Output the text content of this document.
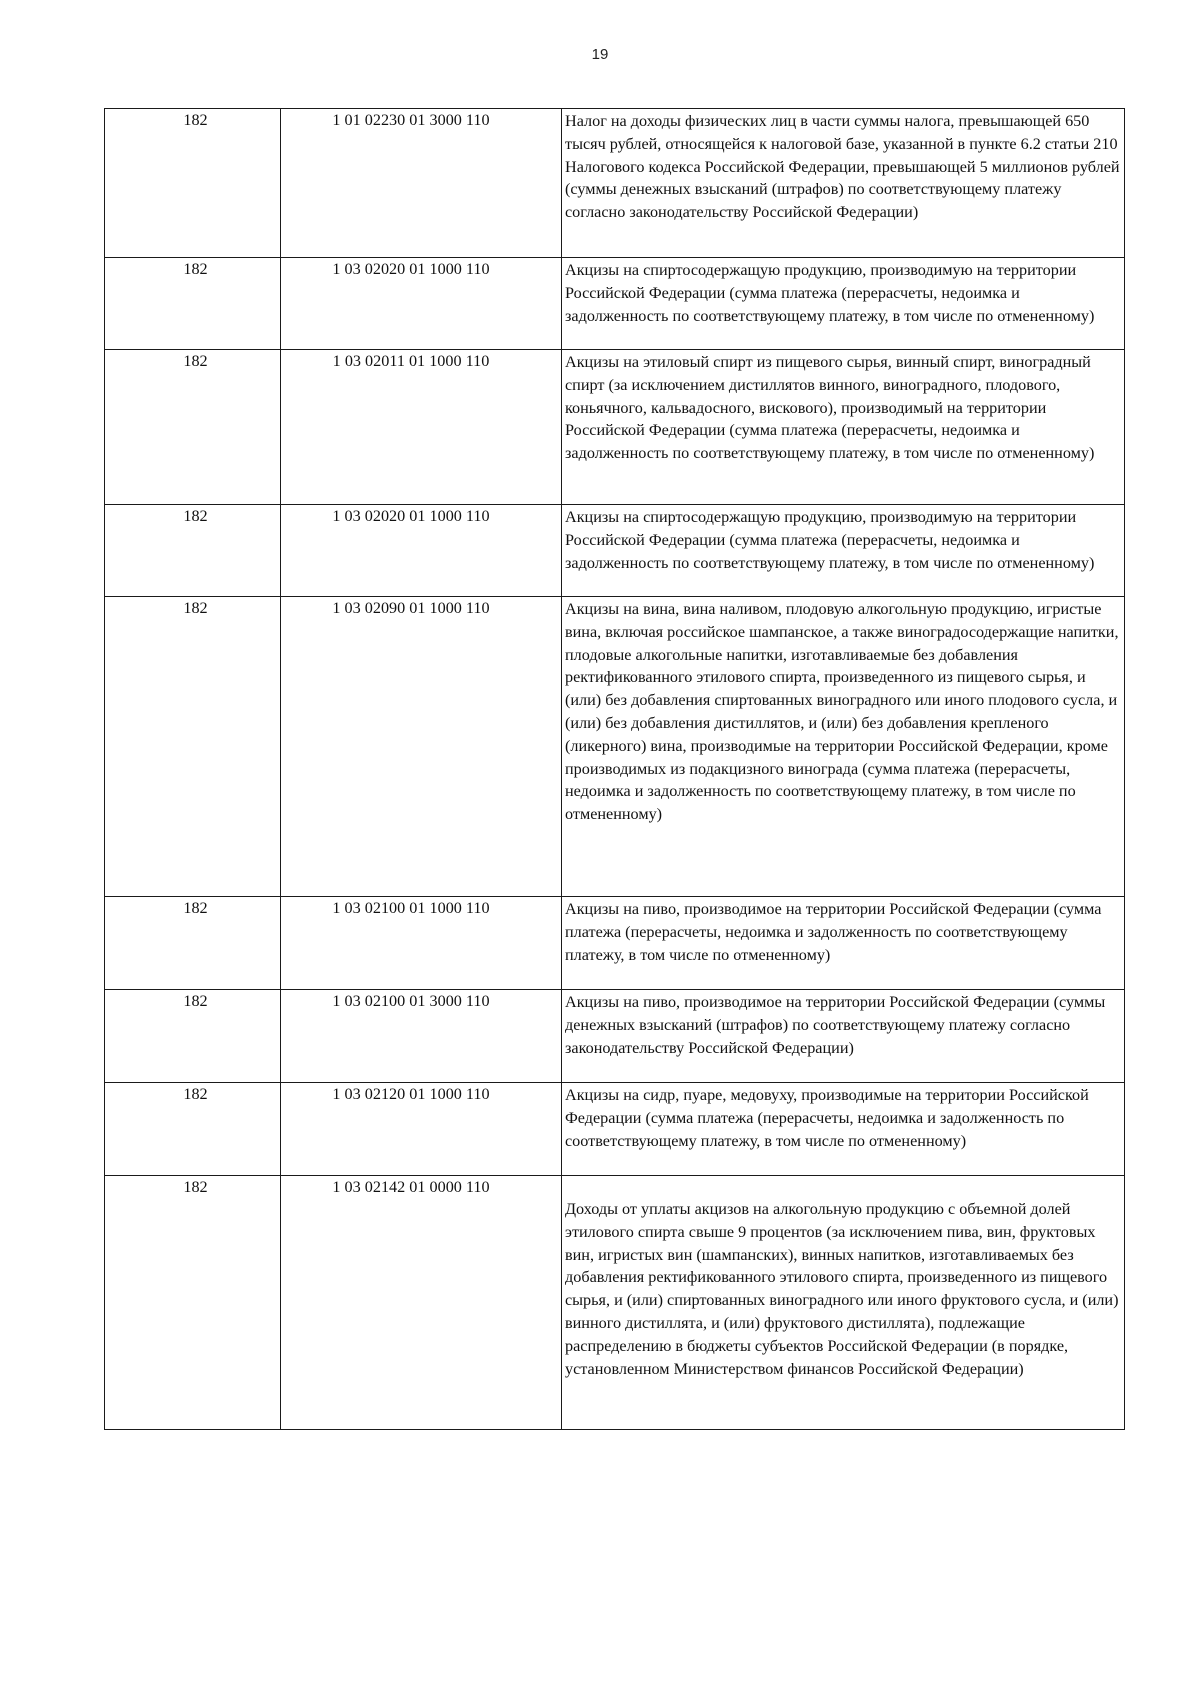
19
182	1 01 02230 01 3000 110	Налог на доходы физических лиц в части суммы налога, превышающей 650 тысяч рублей, относящейся к налоговой базе, указанной в пункте 6.2 статьи 210 Налогового кодекса Российской Федерации, превышающей 5 миллионов рублей (суммы денежных взысканий (штрафов) по соответствующему платежу согласно законодательству Российской Федерации)

182	1 03 02020 01 1000 110	Акцизы на спиртосодержащую продукцию, производимую на территории Российской Федерации (сумма платежа (перерасчеты, недоимка и задолженность по соответствующему платежу, в том числе по отмененному)

182	1 03 02011 01 1000 110	Акцизы на этиловый спирт из пищевого сырья, винный спирт, виноградный спирт (за исключением дистиллятов винного, виноградного, плодового, коньячного, кальвадосного, вискового), производимый на территории Российской Федерации (сумма платежа (перерасчеты, недоимка и задолженность по соответствующему платежу, в том числе по отмененному)

182	1 03 02020 01 1000 110	Акцизы на спиртосодержащую продукцию, производимую на территории Российской Федерации (сумма платежа (перерасчеты, недоимка и задолженность по соответствующему платежу, в том числе по отмененному)

182	1 03 02090 01 1000 110	Акцизы на вина, вина наливом, плодовую алкогольную продукцию, игристые вина, включая российское шампанское, а также виноградосодержащие напитки, плодовые алкогольные напитки, изготавливаемые без добавления ректификованного этилового спирта, произведенного из пищевого сырья, и (или) без добавления спиртованных виноградного или иного плодового сусла, и (или) без добавления дистиллятов, и (или) без добавления крепленого (ликерного) вина, производимые на территории Российской Федерации, кроме производимых из подакцизного винограда (сумма платежа (перерасчеты, недоимка и задолженность по соответствующему платежу, в том числе по отмененному)

182	1 03 02100 01 1000 110	Акцизы на пиво, производимое на территории Российской Федерации (сумма платежа (перерасчеты, недоимка и задолженность по соответствующему платежу, в том числе по отмененному)

182	1 03 02100 01 3000 110	Акцизы на пиво, производимое на территории Российской Федерации (суммы денежных взысканий (штрафов) по соответствующему платежу согласно законодательству Российской Федерации)

182	1 03 02120 01 1000 110	Акцизы на сидр, пуаре, медовуху, производимые на территории Российской Федерации (сумма платежа (перерасчеты, недоимка и задолженность по соответствующему платежу, в том числе по отмененному)

182	1 03 02142 01 0000 110	Доходы от уплаты акцизов на алкогольную продукцию с объемной долей этилового спирта свыше 9 процентов (за исключением пива, вин, фруктовых вин, игристых вин (шампанских), винных напитков, изготавливаемых без добавления ректификованного этилового спирта, произведенного из пищевого сырья, и (или) спиртованных виноградного или иного фруктового сусла, и (или) винного дистиллята, и (или) фруктового дистиллята), подлежащие распределению в бюджеты субъектов Российской Федерации (в порядке, установленном Министерством финансов Российской Федерации)
